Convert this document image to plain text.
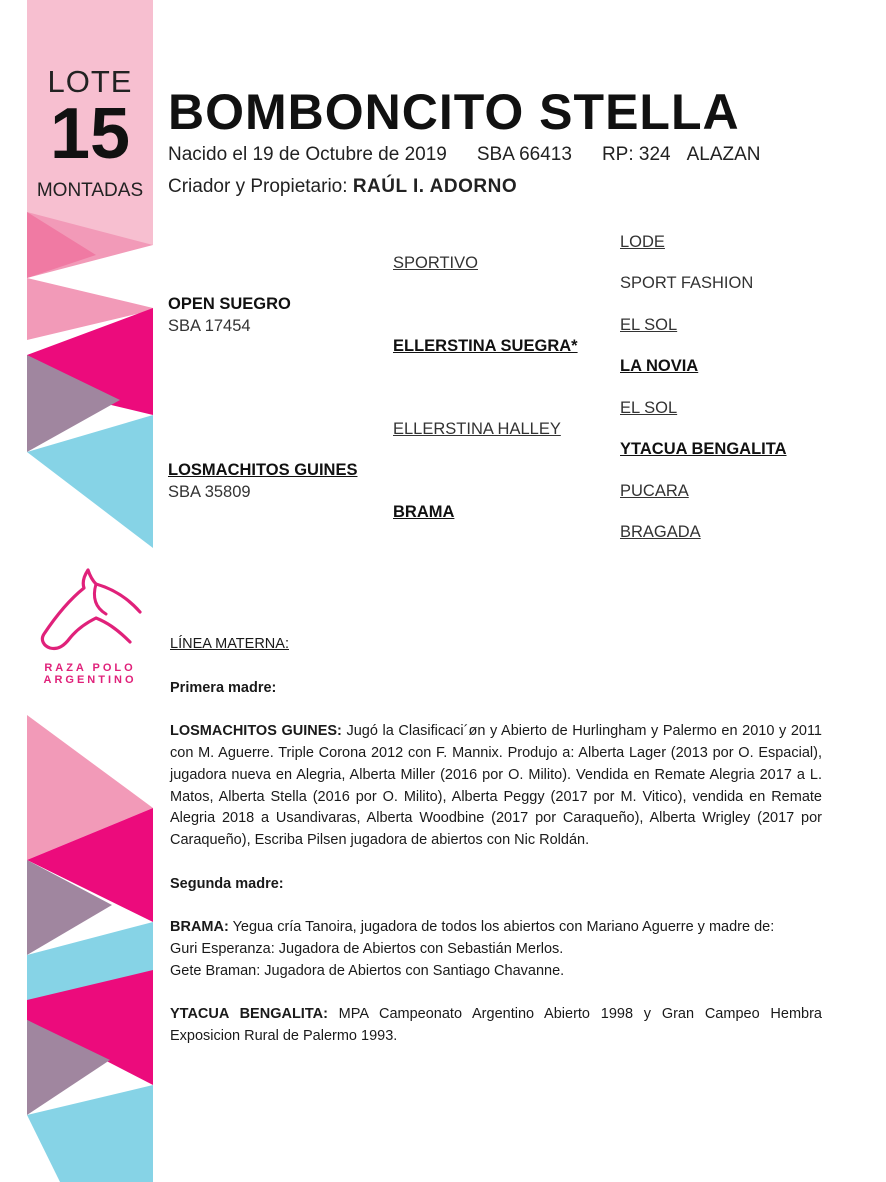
LOTE
15
MONTADAS
RAZA POLO
ARGENTINO
BOMBONCITO STELLA
Nacido el 19 de Octubre de 2019 SBA 66413 RP: 324 ALAZAN
Criador y Propietario: RAÚL I. ADORNO
OPEN SUEGRO
SBA 17454
LOSMACHITOS GUINES
SBA 35809
SPORTIVO
ELLERSTINA SUEGRA*
ELLERSTINA HALLEY
BRAMA
LODE
SPORT FASHION
EL SOL
LA NOVIA
EL SOL
YTACUA BENGALITA
PUCARA
BRAGADA

LÍNEA MATERNA:

Primera madre:

LOSMACHITOS GUINES: Jugó la Clasificaci´øn y Abierto de Hurlingham y Palermo en 2010 y 2011 con M. Aguerre. Triple Corona 2012 con F. Mannix. Produjo a: Alberta Lager (2013 por O. Espacial), jugadora nueva en Alegria, Alberta Miller (2016 por O. Milito). Vendida en Remate Alegria 2017 a L. Matos, Alberta Stella (2016 por O. Milito), Alberta Peggy (2017 por M. Vitico), vendida en Remate Alegria 2018 a Usandivaras, Alberta Woodbine (2017 por Caraqueño), Alberta Wrigley (2017 por Caraqueño), Escriba Pilsen jugadora de abiertos con Nic Roldán.

Segunda madre:

BRAMA: Yegua cría Tanoira, jugadora de todos los abiertos con Mariano Aguerre y madre de:

Guri Esperanza: Jugadora de Abiertos con Sebastián Merlos.

Gete Braman: Jugadora de Abiertos con Santiago Chavanne.

YTACUA BENGALITA: MPA Campeonato Argentino Abierto 1998 y Gran Campeo Hembra Exposicion Rural de Palermo 1993.
